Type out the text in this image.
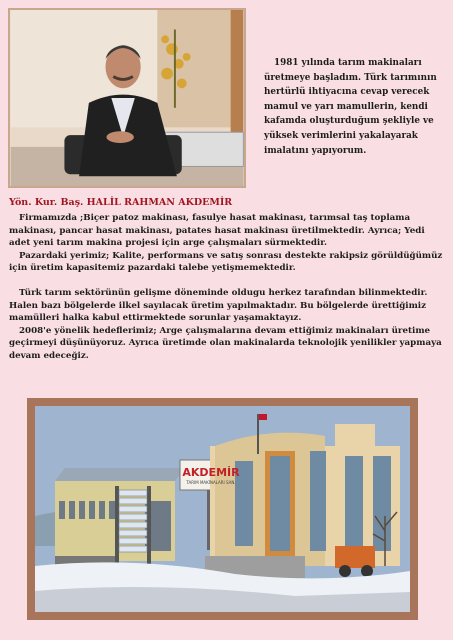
1981 yılında tarım makinaları üretmeye başladım. Türk tarımının hertürlü ihtiyacına cevap verecek mamul ve yarı mamullerin, kendi kafamda oluşturduğum şekliyle ve yüksek verimlerini yakalayarak imalatını yapıyorum.
Yön. Kur. Baş. HALİL RAHMAN AKDEMİR

Firmamızda ;Biçer patoz makinası, fasulye hasat makinası, tarımsal taş toplama makinası, pancar hasat makinası, patates hasat makinası üretilmektedir. Ayrıca; Yedi adet yeni tarım makina projesi için arge çalışmaları sürmektedir.

Pazardaki yerimiz; Kalite, performans ve satış sonrası destekte rakipsiz görüldüğümüz için üretim kapasitemiz pazardaki talebe yetişmemektedir.

Türk tarım sektörünün gelişme döneminde oldugu herkez tarafından bilinmektedir. Halen bazı bölgelerde ilkel sayılacak üretim yapılmaktadır. Bu bölgelerde ürettiğimiz mamülleri halka kabul ettirmektede sorunlar yaşamaktayız.

2008'e yönelik hedeflerimiz; Arge çalışmalarına devam ettiğimiz makinaları üretime geçirmeyi düşünüyoruz. Ayrıca üretimde olan makinalarda teknolojik yenilikler yapmaya devam edeceğiz.

AKDEMİR
TARIM MAKİNALARI SAN.
